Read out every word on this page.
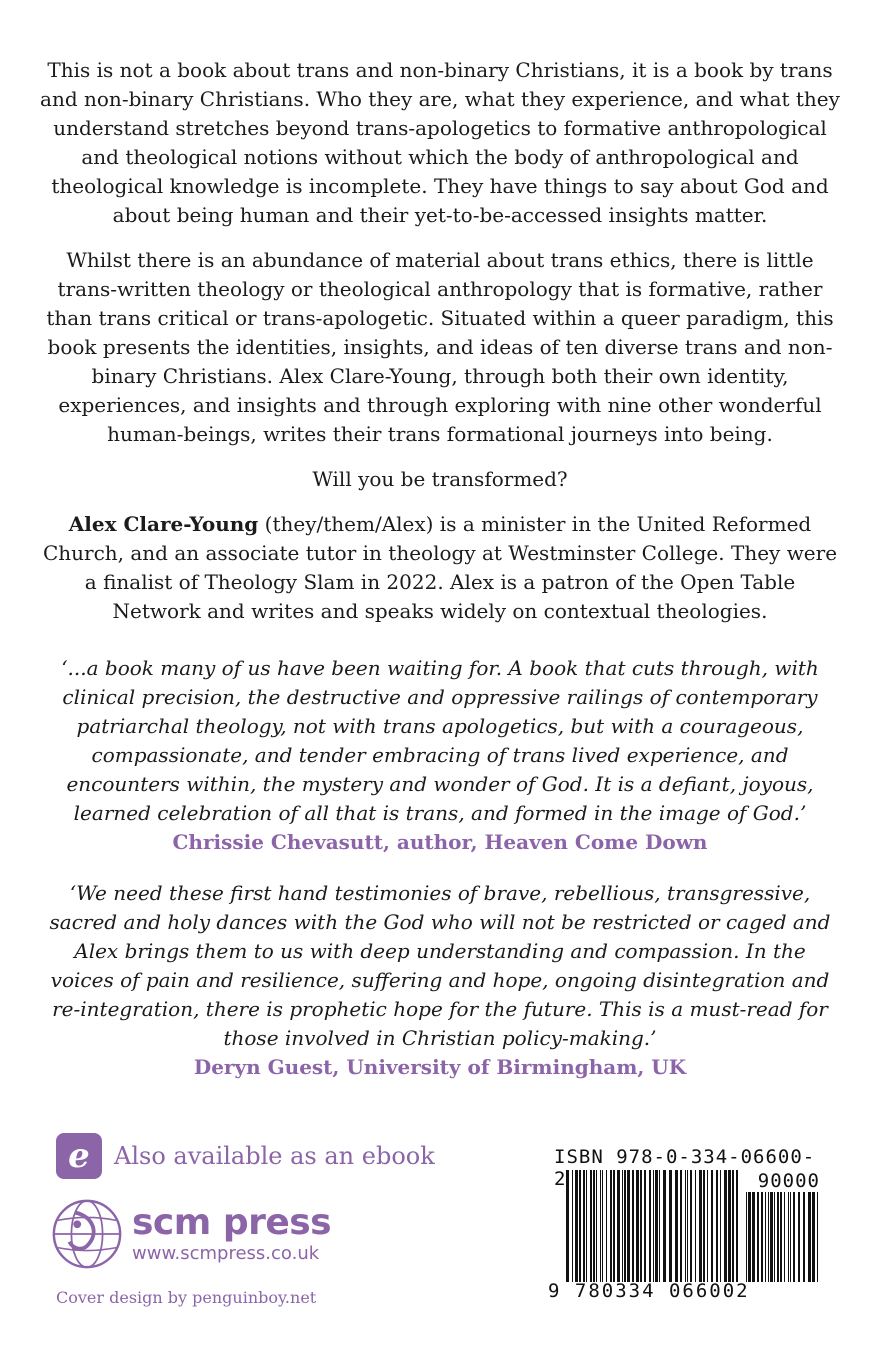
This is not a book about trans and non-binary Christians, it is a book by trans and non-binary Christians. Who they are, what they experience, and what they understand stretches beyond trans-apologetics to formative anthropological and theological notions without which the body of anthropological and theological knowledge is incomplete. They have things to say about God and about being human and their yet-to-be-accessed insights matter.

Whilst there is an abundance of material about trans ethics, there is little trans-written theology or theological anthropology that is formative, rather than trans critical or trans-apologetic. Situated within a queer paradigm, this book presents the identities, insights, and ideas of ten diverse trans and non-binary Christians. Alex Clare-Young, through both their own identity, experiences, and insights and through exploring with nine other wonderful human-beings, writes their trans formational journeys into being.

Will you be transformed?

Alex Clare-Young (they/them/Alex) is a minister in the United Reformed Church, and an associate tutor in theology at Westminster College. They were a finalist of Theology Slam in 2022. Alex is a patron of the Open Table Network and writes and speaks widely on contextual theologies.

‘...a book many of us have been waiting for. A book that cuts through, with clinical precision, the destructive and oppressive railings of contemporary patriarchal theology, not with trans apologetics, but with a courageous, compassionate, and tender embracing of trans lived experience, and encounters within, the mystery and wonder of God. It is a defiant, joyous, learned celebration of all that is trans, and formed in the image of God.’
Chrissie Chevasutt, author, Heaven Come Down
‘We need these first hand testimonies of brave, rebellious, transgressive, sacred and holy dances with the God who will not be restricted or caged and Alex brings them to us with deep understanding and compassion. In the voices of pain and resilience, suffering and hope, ongoing disintegration and re-integration, there is prophetic hope for the future. This is a must-read for those involved in Christian policy-making.’
Deryn Guest, University of Birmingham, UK
e Also available as an ebook
scm press
www.scmpress.co.uk
Cover design by penguinboy.net
ISBN 978-0-334-06600-2	90000
9 780334 066002
